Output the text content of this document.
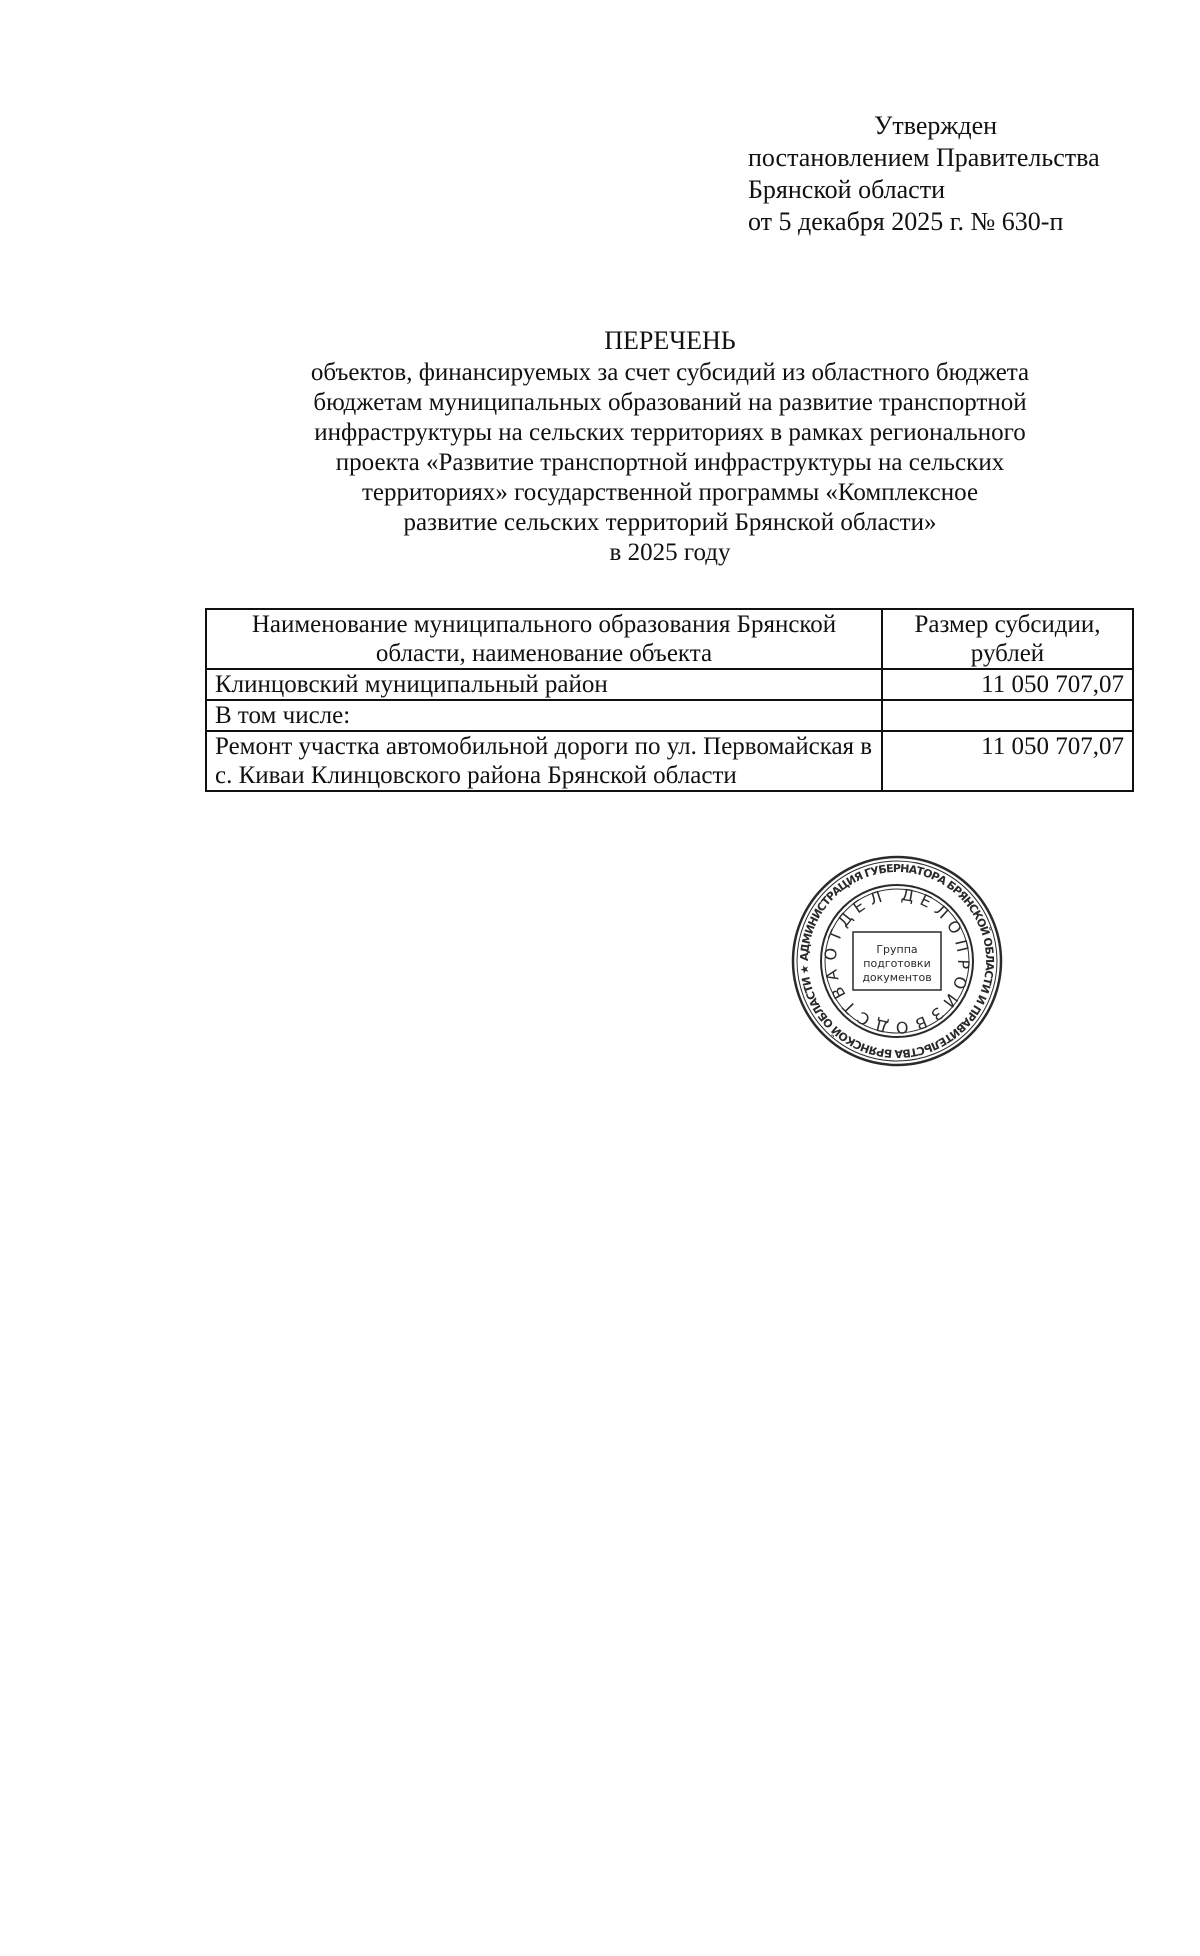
Утвержден
постановлением Правительства
Брянской области
от 5 декабря 2025 г. № 630-п
ПЕРЕЧЕНЬ
объектов, финансируемых за счет субсидий из областного бюджета
бюджетам муниципальных образований на развитие транспортной
инфраструктуры на сельских территориях в рамках регионального
проекта «Развитие транспортной инфраструктуры на сельских
территориях» государственной программы «Комплексное
развитие сельских территорий Брянской области»
в 2025 году
Наименование муниципального образования Брянской области, наименование объекта	Размер субсидии, рублей
Клинцовский муниципальный район	11 050 707,07
В том числе:	
Ремонт участка автомобильной дороги по ул. Первомайская в с. Киваи Клинцовского района Брянской области	11 050 707,07
АДМИНИСТРАЦИЯ ГУБЕРНАТОРА БРЯНСКОЙ ОБЛАСТИ И ПРАВИТЕЛЬСТВА БРЯНСКОЙ ОБЛАСТИ ★
ОТДЕЛ ДЕЛОПРОИЗВОДСТВА
Группа
подготовки
документов
